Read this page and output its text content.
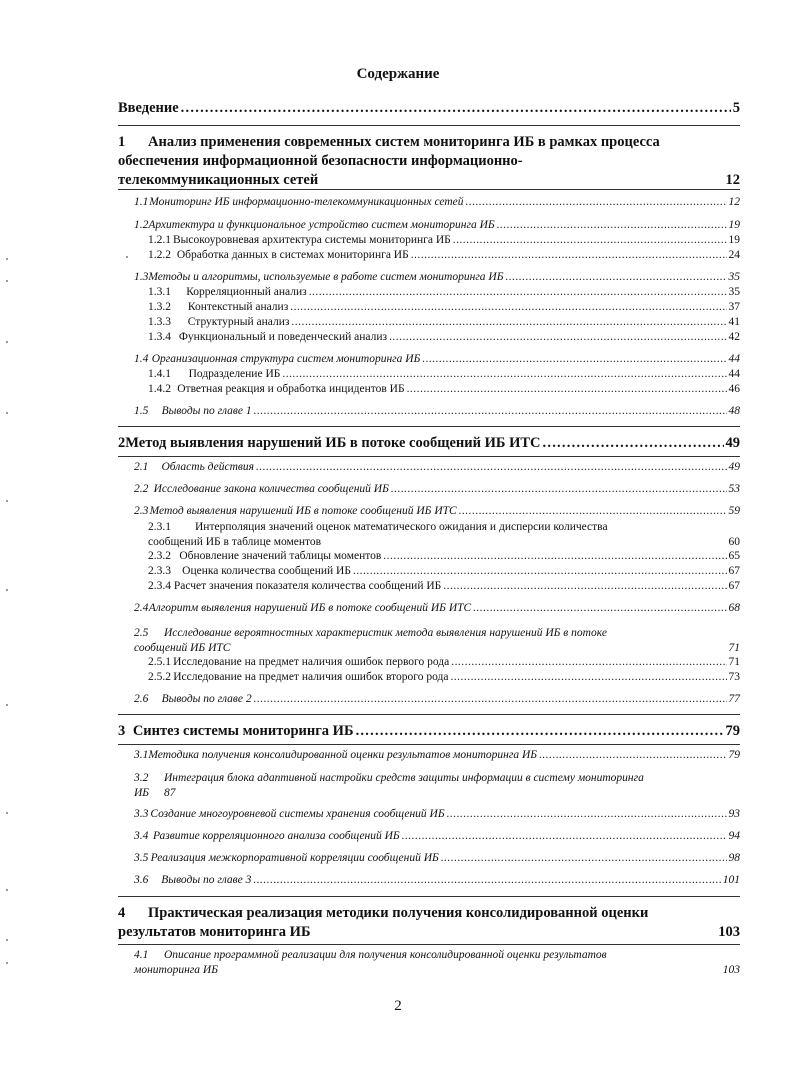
Содержание
Введение . . .	5
1 Анализ применения современных систем мониторинга ИБ в рамках процесса
обеспечения информационной безопасности информационно-
телекоммуникационных сетей	12
1.1 Мониторинг ИБ информационно-телекоммуникационных сетей . . .	12
1.2 Архитектура и функциональное устройство систем мониторинга ИБ . . .	19
1.2.1 Высокоуровневая архитектура системы мониторинга ИБ . . .	19
1.2.2 Обработка данных в системах мониторинга ИБ . . .	24
1.3 Методы и алгоритмы, используемые в работе систем мониторинга ИБ . . .	35
1.3.1	Корреляционный анализ . . .	35
1.3.2	Контекстный анализ . . .	37
1.3.3	Структурный анализ . . .	41
1.3.4 Функциональный и поведенческий анализ . . .	42
1.4 Организационная структура систем мониторинга ИБ . . .	44
1.4.1	Подразделение ИБ . . .	44
1.4.2 Ответная реакция и обработка инцидентов ИБ . . .	46
1.5	Выводы по главе 1 . . .	48
2 Метод выявления нарушений ИБ в потоке сообщений ИБ ИТС . . .	49
2.1	Область действия . . .	49
2.2 Исследование закона количества сообщений ИБ . . .	53
2.3 Метод выявления нарушений ИБ в потоке сообщений ИБ ИТС . . .	59
2.3.1 Интерполяция значений оценок математического ожидания и дисперсии количества
сообщений ИБ в таблице моментов	60
2.3.2 Обновление значений таблицы моментов . . .	65
2.3.3 Оценка количества сообщений ИБ . . .	67
2.3.4 Расчет значения показателя количества сообщений ИБ . . .	67
2.4 Алгоритм выявления нарушений ИБ в потоке сообщений ИБ ИТС . . .	68
2.5 Исследование вероятностных характеристик метода выявления нарушений ИБ в потоке
сообщений ИБ ИТС	71
2.5.1 Исследование на предмет наличия ошибок первого рода . . .	71
2.5.2 Исследование на предмет наличия ошибок второго рода . . .	73
2.6	Выводы по главе 2 . . .	77
3 Синтез системы мониторинга ИБ . . .	79
3.1 Методика получения консолидированной оценки результатов мониторинга ИБ . . .	79
3.2 Интеграция блока адаптивной настройки средств защиты информации в систему мониторинга
ИБ 87
3.3 Создание многоуровневой системы хранения сообщений ИБ . . .	93
3.4 Развитие корреляционного анализа сообщений ИБ . . .	94
3.5 Реализация межкорпоративной корреляции сообщений ИБ . . .	98
3.6	Выводы по главе 3 . . .	101
4 Практическая реализация методики получения консолидированной оценки
результатов мониторинга ИБ	103
4.1 Описание программной реализации для получения консолидированной оценки результатов
мониторинга ИБ	103
2
